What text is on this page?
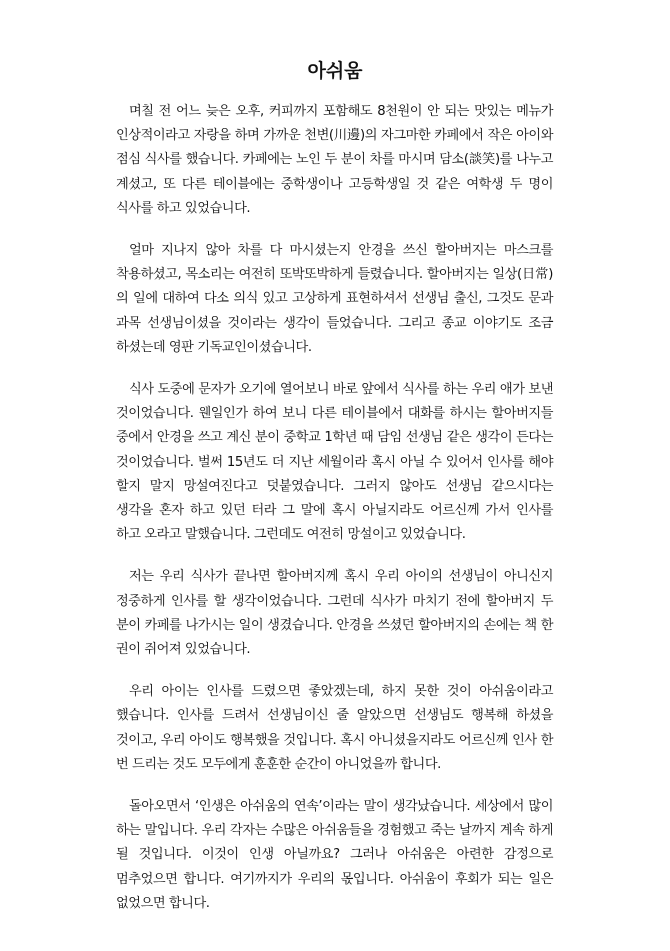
아쉬움

며칠 전 어느 늦은 오후, 커피까지 포함해도 8천원이 안 되는 맛있는 메뉴가 인상적이라고 자랑을 하며 가까운 천변(川邊)의 자그마한 카페에서 작은 아이와 점심 식사를 했습니다. 카페에는 노인 두 분이 차를 마시며 담소(談笑)를 나누고 계셨고, 또 다른 테이블에는 중학생이나 고등학생일 것 같은 여학생 두 명이 식사를 하고 있었습니다.

얼마 지나지 않아 차를 다 마시셨는지 안경을 쓰신 할아버지는 마스크를 착용하셨고, 목소리는 여전히 또박또박하게 들렸습니다. 할아버지는 일상(日常)의 일에 대하여 다소 의식 있고 고상하게 표현하셔서 선생님 출신, 그것도 문과 과목 선생님이셨을 것이라는 생각이 들었습니다. 그리고 종교 이야기도 조금 하셨는데 영판 기독교인이셨습니다.

식사 도중에 문자가 오기에 열어보니 바로 앞에서 식사를 하는 우리 애가 보낸 것이었습니다. 웬일인가 하여 보니 다른 테이블에서 대화를 하시는 할아버지들 중에서 안경을 쓰고 계신 분이 중학교 1학년 때 담임 선생님 같은 생각이 든다는 것이었습니다. 벌써 15년도 더 지난 세월이라 혹시 아닐 수 있어서 인사를 해야 할지 말지 망설여진다고 덧붙였습니다. 그러지 않아도 선생님 같으시다는 생각을 혼자 하고 있던 터라 그 말에 혹시 아닐지라도 어르신께 가서 인사를 하고 오라고 말했습니다. 그런데도 여전히 망설이고 있었습니다.

저는 우리 식사가 끝나면 할아버지께 혹시 우리 아이의 선생님이 아니신지 정중하게 인사를 할 생각이었습니다. 그런데 식사가 마치기 전에 할아버지 두 분이 카페를 나가시는 일이 생겼습니다. 안경을 쓰셨던 할아버지의 손에는 책 한 권이 쥐어져 있었습니다.

우리 아이는 인사를 드렸으면 좋았겠는데, 하지 못한 것이 아쉬움이라고 했습니다. 인사를 드려서 선생님이신 줄 알았으면 선생님도 행복해 하셨을 것이고, 우리 아이도 행복했을 것입니다. 혹시 아니셨을지라도 어르신께 인사 한 번 드리는 것도 모두에게 훈훈한 순간이 아니었을까 합니다.

돌아오면서 ‘인생은 아쉬움의 연속’이라는 말이 생각났습니다. 세상에서 많이 하는 말입니다. 우리 각자는 수많은 아쉬움들을 경험했고 죽는 날까지 계속 하게 될 것입니다. 이것이 인생 아닐까요? 그러나 아쉬움은 아련한 감정으로 멈추었으면 합니다. 여기까지가 우리의 몫입니다. 아쉬움이 후회가 되는 일은 없었으면 합니다.
